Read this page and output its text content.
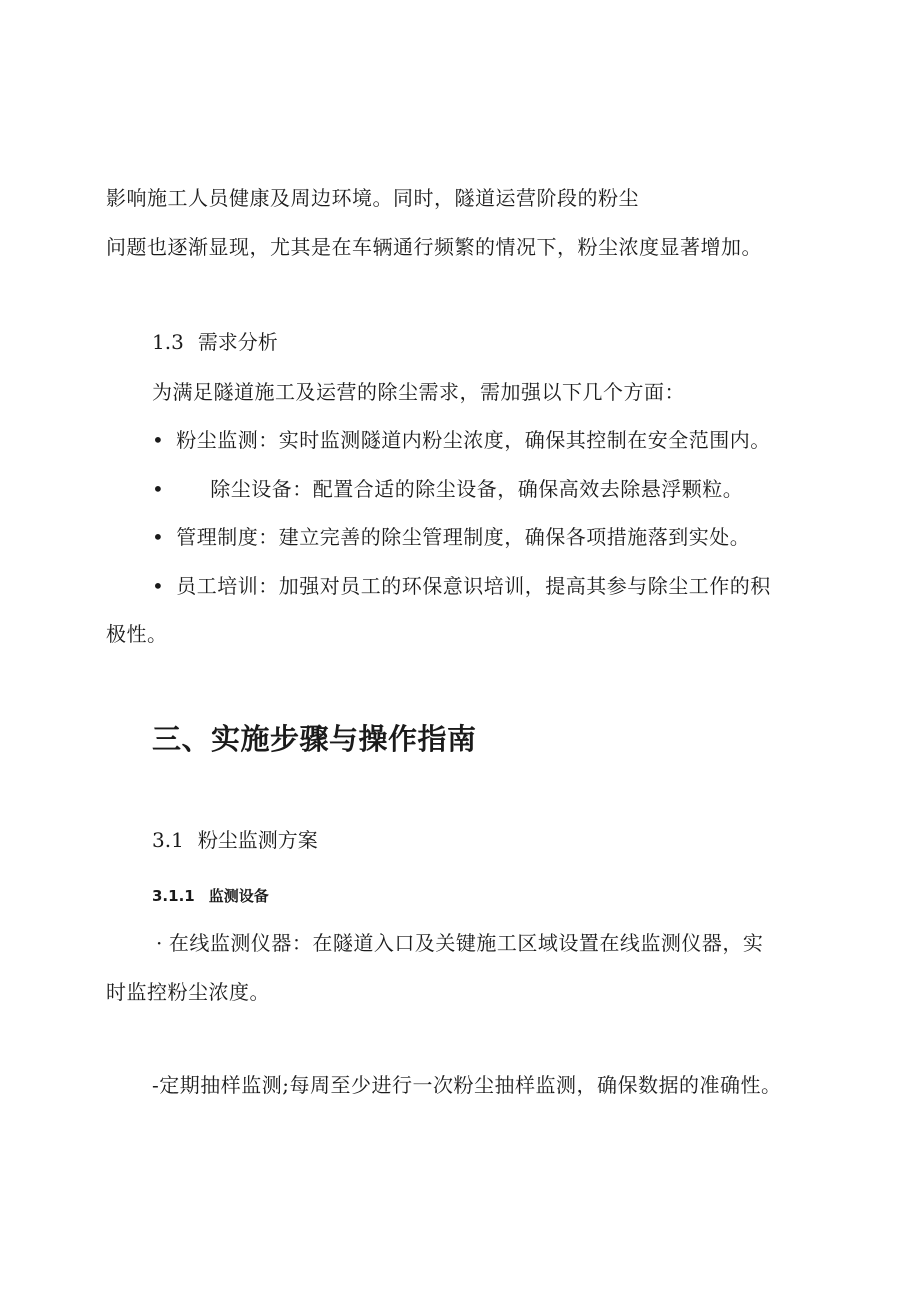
影响施工人员健康及周边环境。同时，隧道运营阶段的粉尘
问题也逐渐显现，尤其是在车辆通行频繁的情况下，粉尘浓度显著增加。
1.3 需求分析
为满足隧道施工及运营的除尘需求，需加强以下几个方面：
• 粉尘监测：实时监测隧道内粉尘浓度，确保其控制在安全范围内。
• 除尘设备：配置合适的除尘设备，确保高效去除悬浮颗粒。
• 管理制度：建立完善的除尘管理制度，确保各项措施落到实处。
• 员工培训：加强对员工的环保意识培训，提高其参与除尘工作的积
极性。
三、实施步骤与操作指南
3.1 粉尘监测方案
3.1.1 监测设备
· 在线监测仪器：在隧道入口及关键施工区域设置在线监测仪器，实
时监控粉尘浓度。
-定期抽样监测;每周至少进行一次粉尘抽样监测，确保数据的准确性。
